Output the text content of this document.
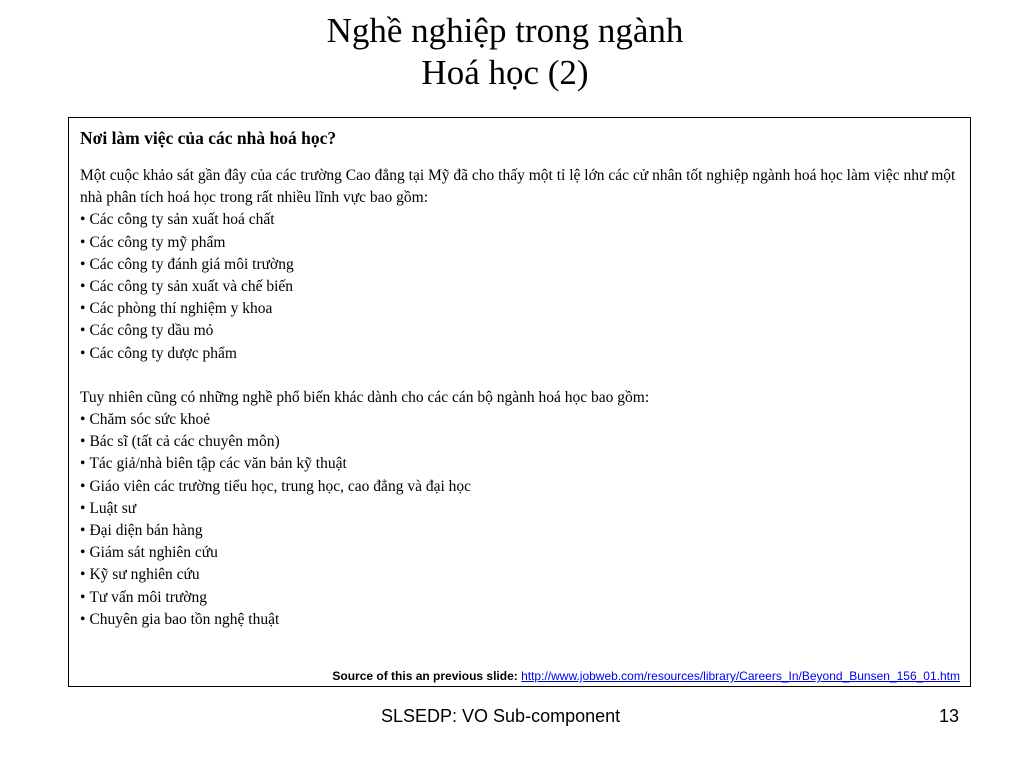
Nghề nghiệp trong ngành
Hoá học (2)
Nơi làm việc của các nhà hoá học?

Một cuộc khảo sát gần đây của các trường Cao đẳng tại Mỹ đã cho thấy một tỉ lệ lớn các cử nhân tốt nghiệp ngành hoá học làm việc như một nhà phân tích hoá học trong rất nhiều lĩnh vực bao gồm:

• Các công ty sản xuất hoá chất
• Các công ty mỹ phẩm
• Các công ty đánh giá môi trường
• Các công ty sản xuất và chế biến
• Các phòng thí nghiệm y khoa
• Các công ty dầu mỏ
• Các công ty dược phẩm

Tuy nhiên cũng có những nghề phổ biến khác dành cho các cán bộ ngành hoá học bao gồm:

• Chăm sóc sức khoẻ
• Bác sĩ (tất cả các chuyên môn)
• Tác giả/nhà biên tập các văn bản kỹ thuật
• Giáo viên các trường tiểu học, trung học, cao đẳng và đại học
• Luật sư
• Đại diện bán hàng
• Giám sát nghiên cứu
• Kỹ sư nghiên cứu
• Tư vấn môi trường
• Chuyên gia bao tồn nghệ thuật
Source of this an previous slide: http://www.jobweb.com/resources/library/Careers_In/Beyond_Bunsen_156_01.htm
SLSEDP: VO Sub-component	13
